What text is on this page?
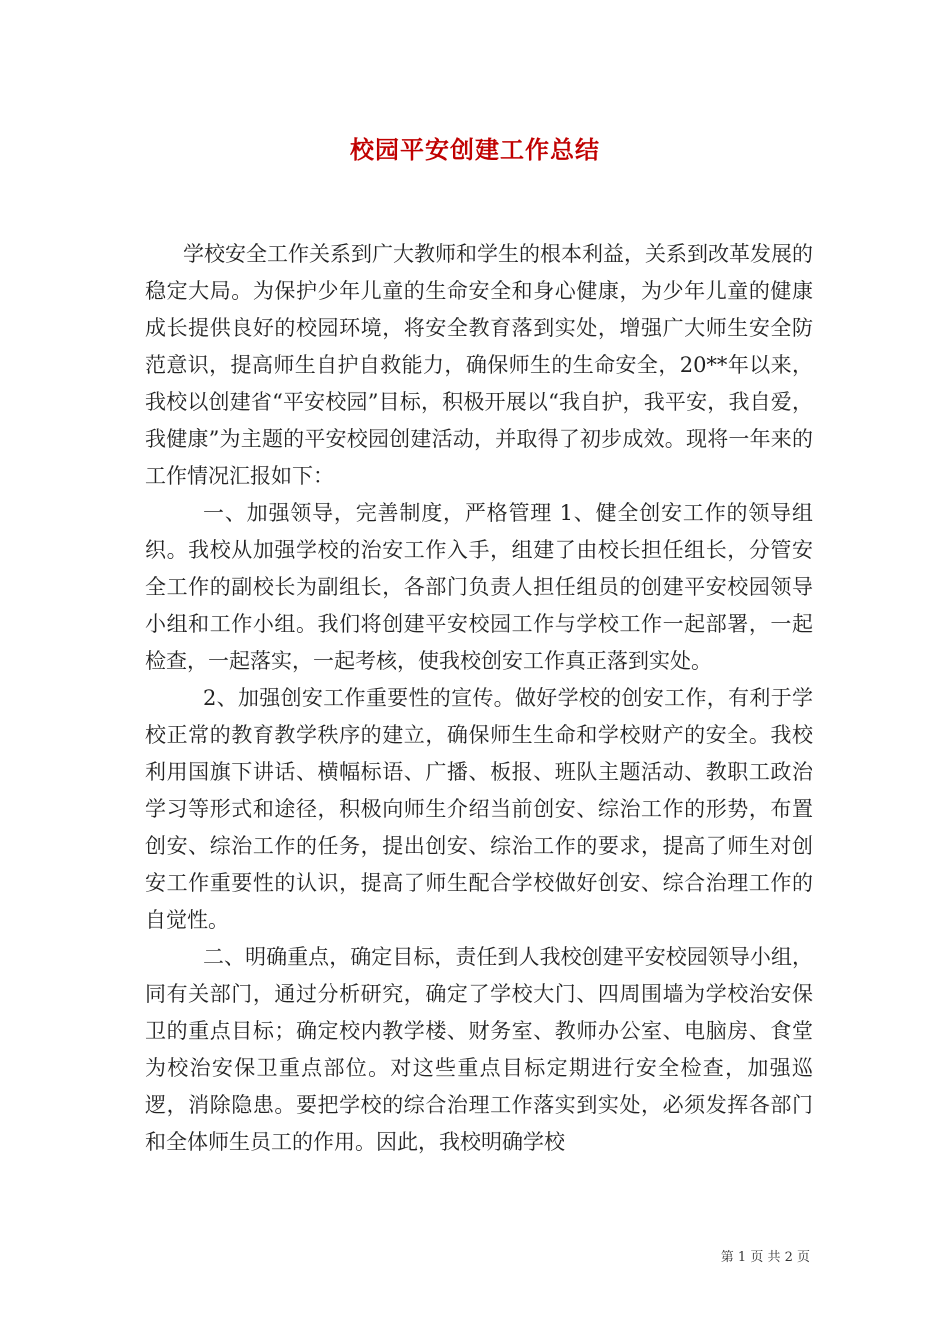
校园平安创建工作总结

学校安全工作关系到广大教师和学生的根本利益，关系到改革发展的稳定大局。为保护少年儿童的生命安全和身心健康，为少年儿童的健康成长提供良好的校园环境，将安全教育落到实处，增强广大师生安全防范意识，提高师生自护自救能力，确保师生的生命安全，20**年以来，我校以创建省“平安校园”目标，积极开展以“我自护，我平安，我自爱，我健康”为主题的平安校园创建活动，并取得了初步成效。现将一年来的工作情况汇报如下：

一、加强领导，完善制度，严格管理 1、健全创安工作的领导组织。我校从加强学校的治安工作入手，组建了由校长担任组长，分管安全工作的副校长为副组长，各部门负责人担任组员的创建平安校园领导小组和工作小组。我们将创建平安校园工作与学校工作一起部署，一起检查，一起落实，一起考核，使我校创安工作真正落到实处。

2、加强创安工作重要性的宣传。做好学校的创安工作，有利于学校正常的教育教学秩序的建立，确保师生生命和学校财产的安全。我校利用国旗下讲话、横幅标语、广播、板报、班队主题活动、教职工政治学习等形式和途径，积极向师生介绍当前创安、综治工作的形势，布置创安、综治工作的任务，提出创安、综治工作的要求，提高了师生对创安工作重要性的认识，提高了师生配合学校做好创安、综合治理工作的自觉性。

二、明确重点，确定目标，责任到人我校创建平安校园领导小组，同有关部门，通过分析研究，确定了学校大门、四周围墙为学校治安保卫的重点目标；确定校内教学楼、财务室、教师办公室、电脑房、食堂为校治安保卫重点部位。对这些重点目标定期进行安全检查，加强巡逻，消除隐患。要把学校的综合治理工作落实到实处，必须发挥各部门和全体师生员工的作用。因此，我校明确学校

第 1 页 共 2 页
